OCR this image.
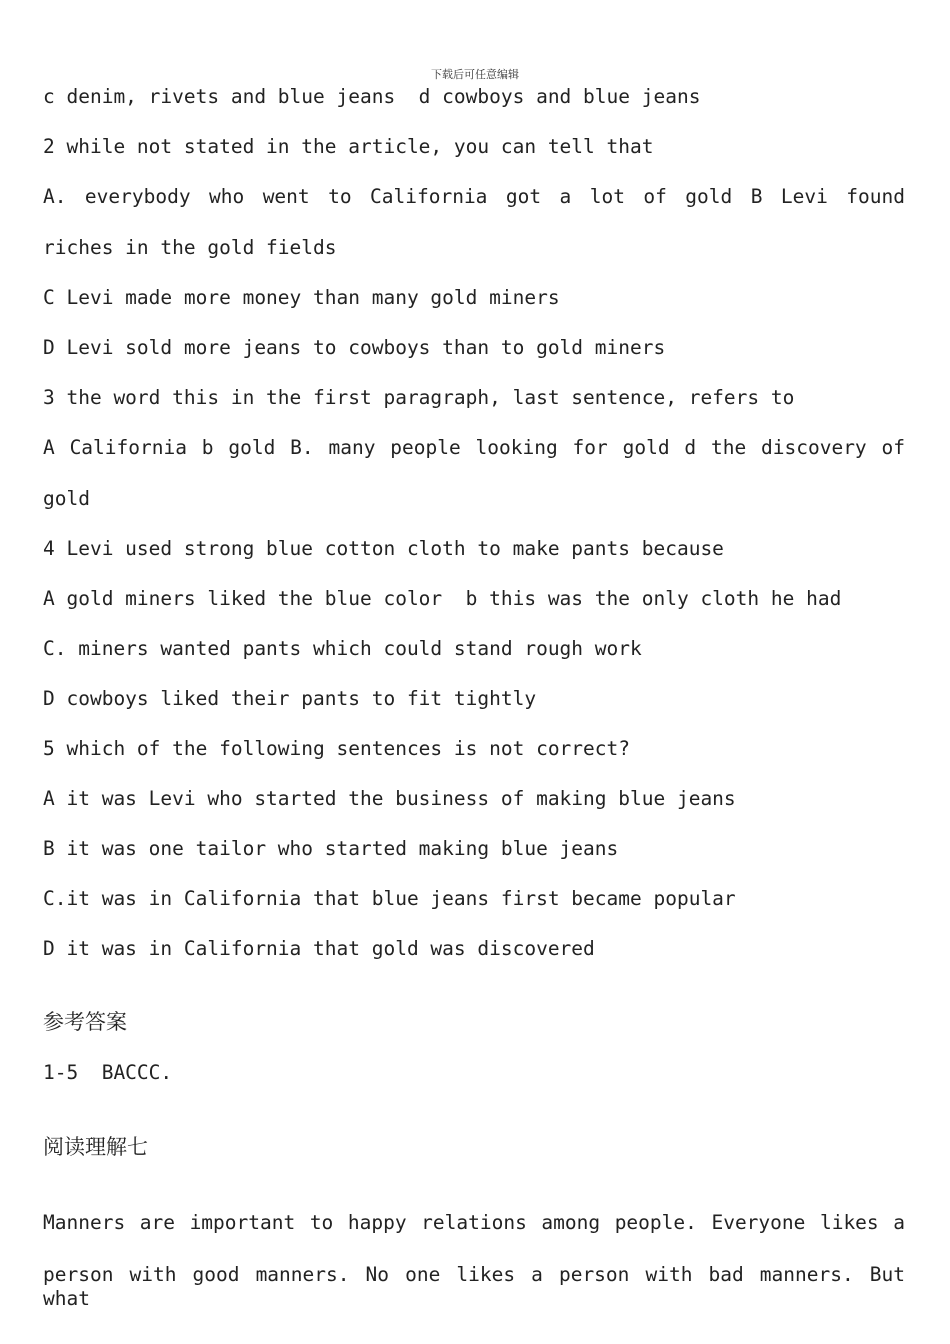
下载后可任意编辑
c denim, rivets and blue jeans  d cowboys and blue jeans
2 while not stated in the article, you can tell that
A. everybody who went to California got a lot of gold B Levi found
riches in the gold fields
C Levi made more money than many gold miners
D Levi sold more jeans to cowboys than to gold miners
3 the word this in the first paragraph, last sentence, refers to
A California b gold B. many people looking for gold d the discovery of
gold
4 Levi used strong blue cotton cloth to make pants because
A gold miners liked the blue color  b this was the only cloth he had
C. miners wanted pants which could stand rough work
D cowboys liked their pants to fit tightly
5 which of the following sentences is not correct?
A it was Levi who started the business of making blue jeans
B it was one tailor who started making blue jeans
C.it was in California that blue jeans first became popular
D it was in California that gold was discovered
参考答案
1-5  BACCC.
阅读理解七
Manners are important to happy relations among people. Everyone likes a
person with good manners. No one likes a person with bad manners. But what
